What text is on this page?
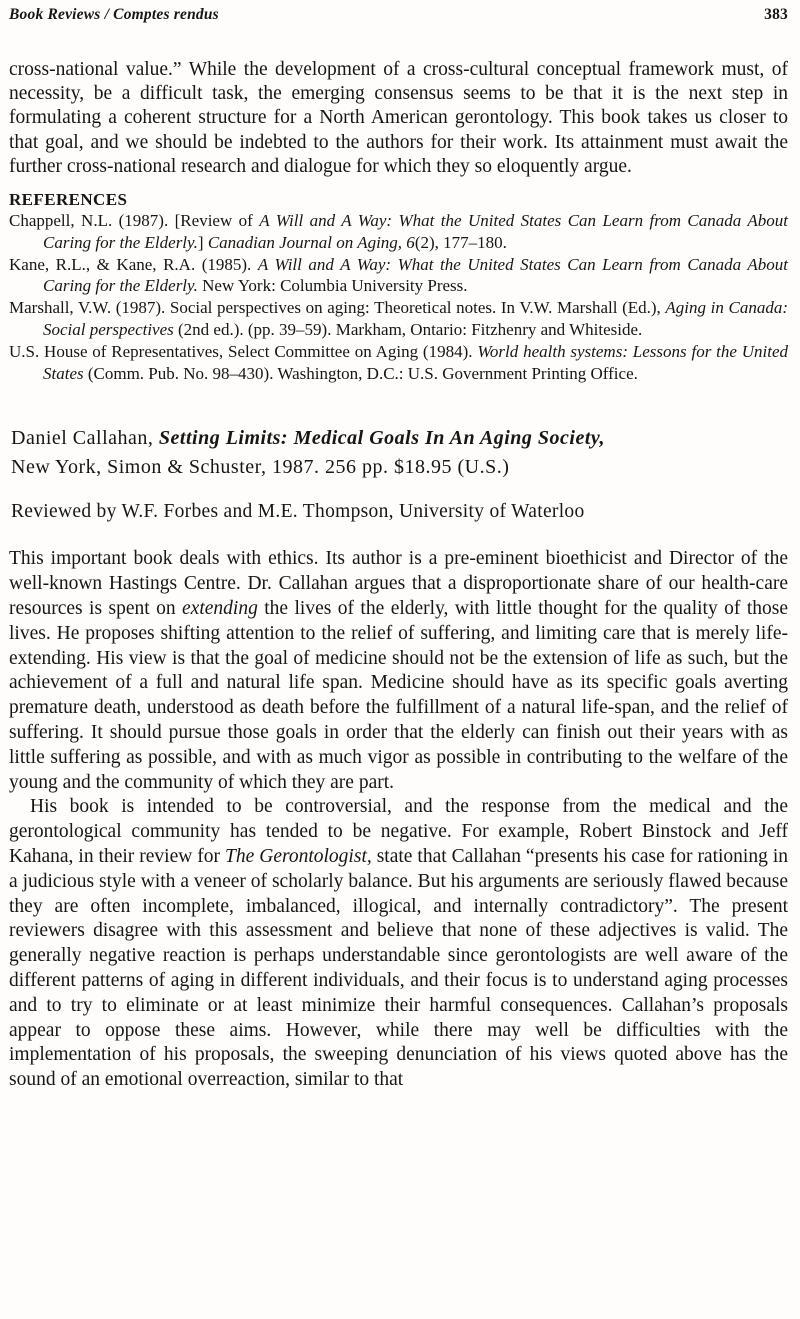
Book Reviews / Comptes rendus	383
cross-national value.” While the development of a cross-cultural conceptual framework must, of necessity, be a difficult task, the emerging consensus seems to be that it is the next step in formulating a coherent structure for a North American gerontology. This book takes us closer to that goal, and we should be indebted to the authors for their work. Its attainment must await the further cross-national research and dialogue for which they so eloquently argue.
REFERENCES
Chappell, N.L. (1987). [Review of A Will and A Way: What the United States Can Learn from Canada About Caring for the Elderly.] Canadian Journal on Aging, 6(2), 177–180.
Kane, R.L., & Kane, R.A. (1985). A Will and A Way: What the United States Can Learn from Canada About Caring for the Elderly. New York: Columbia University Press.
Marshall, V.W. (1987). Social perspectives on aging: Theoretical notes. In V.W. Marshall (Ed.), Aging in Canada: Social perspectives (2nd ed.). (pp. 39–59). Markham, Ontario: Fitzhenry and Whiteside.
U.S. House of Representatives, Select Committee on Aging (1984). World health systems: Lessons for the United States (Comm. Pub. No. 98–430). Washington, D.C.: U.S. Government Printing Office.
Daniel Callahan, Setting Limits: Medical Goals In An Aging Society,
New York, Simon & Schuster, 1987. 256 pp. $18.95 (U.S.)
Reviewed by W.F. Forbes and M.E. Thompson, University of Waterloo
This important book deals with ethics. Its author is a pre-eminent bioethicist and Director of the well-known Hastings Centre. Dr. Callahan argues that a disproportionate share of our health-care resources is spent on extending the lives of the elderly, with little thought for the quality of those lives. He proposes shifting attention to the relief of suffering, and limiting care that is merely life-extending. His view is that the goal of medicine should not be the extension of life as such, but the achievement of a full and natural life span. Medicine should have as its specific goals averting premature death, understood as death before the fulfillment of a natural life-span, and the relief of suffering. It should pursue those goals in order that the elderly can finish out their years with as little suffering as possible, and with as much vigor as possible in contributing to the welfare of the young and the community of which they are part.
His book is intended to be controversial, and the response from the medical and the gerontological community has tended to be negative. For example, Robert Binstock and Jeff Kahana, in their review for The Gerontologist, state that Callahan “presents his case for rationing in a judicious style with a veneer of scholarly balance. But his arguments are seriously flawed because they are often incomplete, imbalanced, illogical, and internally contradictory”. The present reviewers disagree with this assessment and believe that none of these adjectives is valid. The generally negative reaction is perhaps understandable since gerontologists are well aware of the different patterns of aging in different individuals, and their focus is to understand aging processes and to try to eliminate or at least minimize their harmful consequences. Callahan’s proposals appear to oppose these aims. However, while there may well be difficulties with the implementation of his proposals, the sweeping denunciation of his views quoted above has the sound of an emotional overreaction, similar to that
